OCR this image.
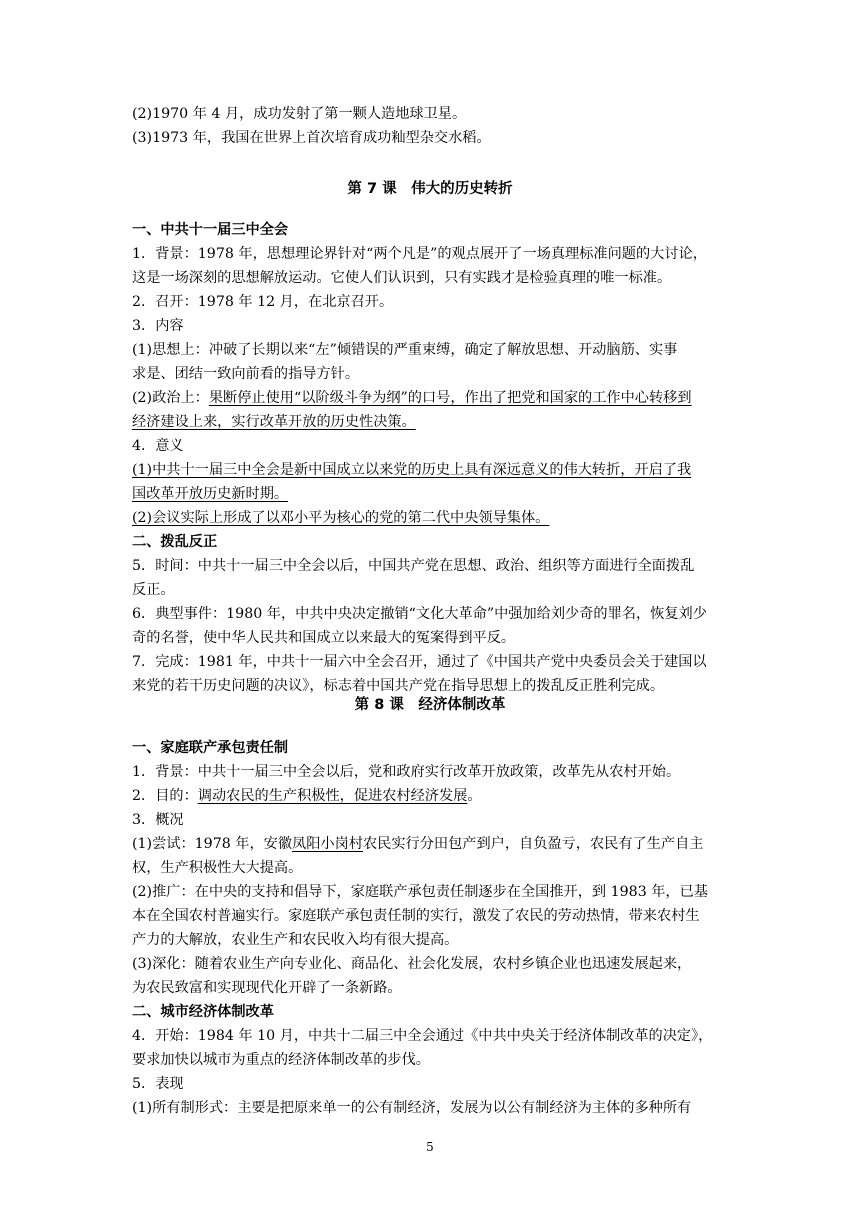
(2)1970 年 4 月，成功发射了第一颗人造地球卫星。
(3)1973 年，我国在世界上首次培育成功籼型杂交水稻。
第 7 课　伟大的历史转折
一、中共十一届三中全会
1．背景：1978 年，思想理论界针对“两个凡是”的观点展开了一场真理标准问题的大讨论，
这是一场深刻的思想解放运动。它使人们认识到，只有实践才是检验真理的唯一标准。
2．召开：1978 年 12 月，在北京召开。
3．内容
(1)思想上：冲破了长期以来“左”倾错误的严重束缚，确定了解放思想、开动脑筋、实事
求是、团结一致向前看的指导方针。
(2)政治上：果断停止使用“以阶级斗争为纲”的口号，作出了把党和国家的工作中心转移到
经济建设上来，实行改革开放的历史性决策。
4．意义
(1)中共十一届三中全会是新中国成立以来党的历史上具有深远意义的伟大转折，开启了我
国改革开放历史新时期。
(2)会议实际上形成了以邓小平为核心的党的第二代中央领导集体。
二、拨乱反正
5．时间：中共十一届三中全会以后，中国共产党在思想、政治、组织等方面进行全面拨乱
反正。
6．典型事件：1980 年，中共中央决定撤销“文化大革命”中强加给刘少奇的罪名，恢复刘少
奇的名誉，使中华人民共和国成立以来最大的冤案得到平反。
7．完成：1981 年，中共十一届六中全会召开，通过了《中国共产党中央委员会关于建国以
来党的若干历史问题的决议》，标志着中国共产党在指导思想上的拨乱反正胜利完成。
第 8 课　经济体制改革
一、家庭联产承包责任制
1．背景：中共十一届三中全会以后，党和政府实行改革开放政策，改革先从农村开始。
2．目的：调动农民的生产积极性，促进农村经济发展。
3．概况
(1)尝试：1978 年，安徽凤阳小岗村农民实行分田包产到户，自负盈亏，农民有了生产自主
权，生产积极性大大提高。
(2)推广：在中央的支持和倡导下，家庭联产承包责任制逐步在全国推开，到 1983 年，已基
本在全国农村普遍实行。家庭联产承包责任制的实行，激发了农民的劳动热情，带来农村生
产力的大解放，农业生产和农民收入均有很大提高。
(3)深化：随着农业生产向专业化、商品化、社会化发展，农村乡镇企业也迅速发展起来，
为农民致富和实现现代化开辟了一条新路。
二、城市经济体制改革
4．开始：1984 年 10 月，中共十二届三中全会通过《中共中央关于经济体制改革的决定》，
要求加快以城市为重点的经济体制改革的步伐。
5．表现
(1)所有制形式：主要是把原来单一的公有制经济，发展为以公有制经济为主体的多种所有
5
